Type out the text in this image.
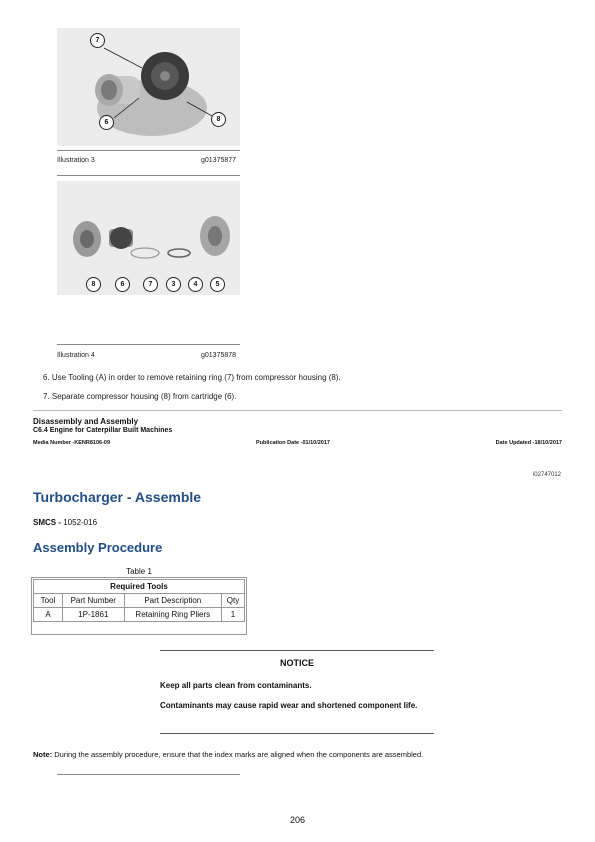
7
6	8
Illustration 3	g01375877
8	6	7	3	4	5
Illustration 4	g01375878
6. Use Tooling (A) in order to remove retaining ring (7) from compressor housing (8).
7. Separate compressor housing (8) from cartridge (6).
Disassembly and Assembly
C6.4 Engine for Caterpillar Built Machines
Media Number -KENR8106-09	Publication Date -01/10/2017	Date Updated -18/10/2017
i02747012
Turbocharger - Assemble
SMCS - 1052-016
Assembly Procedure
Table 1
Required Tools			
Tool	Part Number	Part Description	Qty
A	1P-1861	Retaining Ring Pliers	1
NOTICE
Keep all parts clean from contaminants.
Contaminants may cause rapid wear and shortened component life.
Note: During the assembly procedure, ensure that the index marks are aligned when the components are assembled.
206
